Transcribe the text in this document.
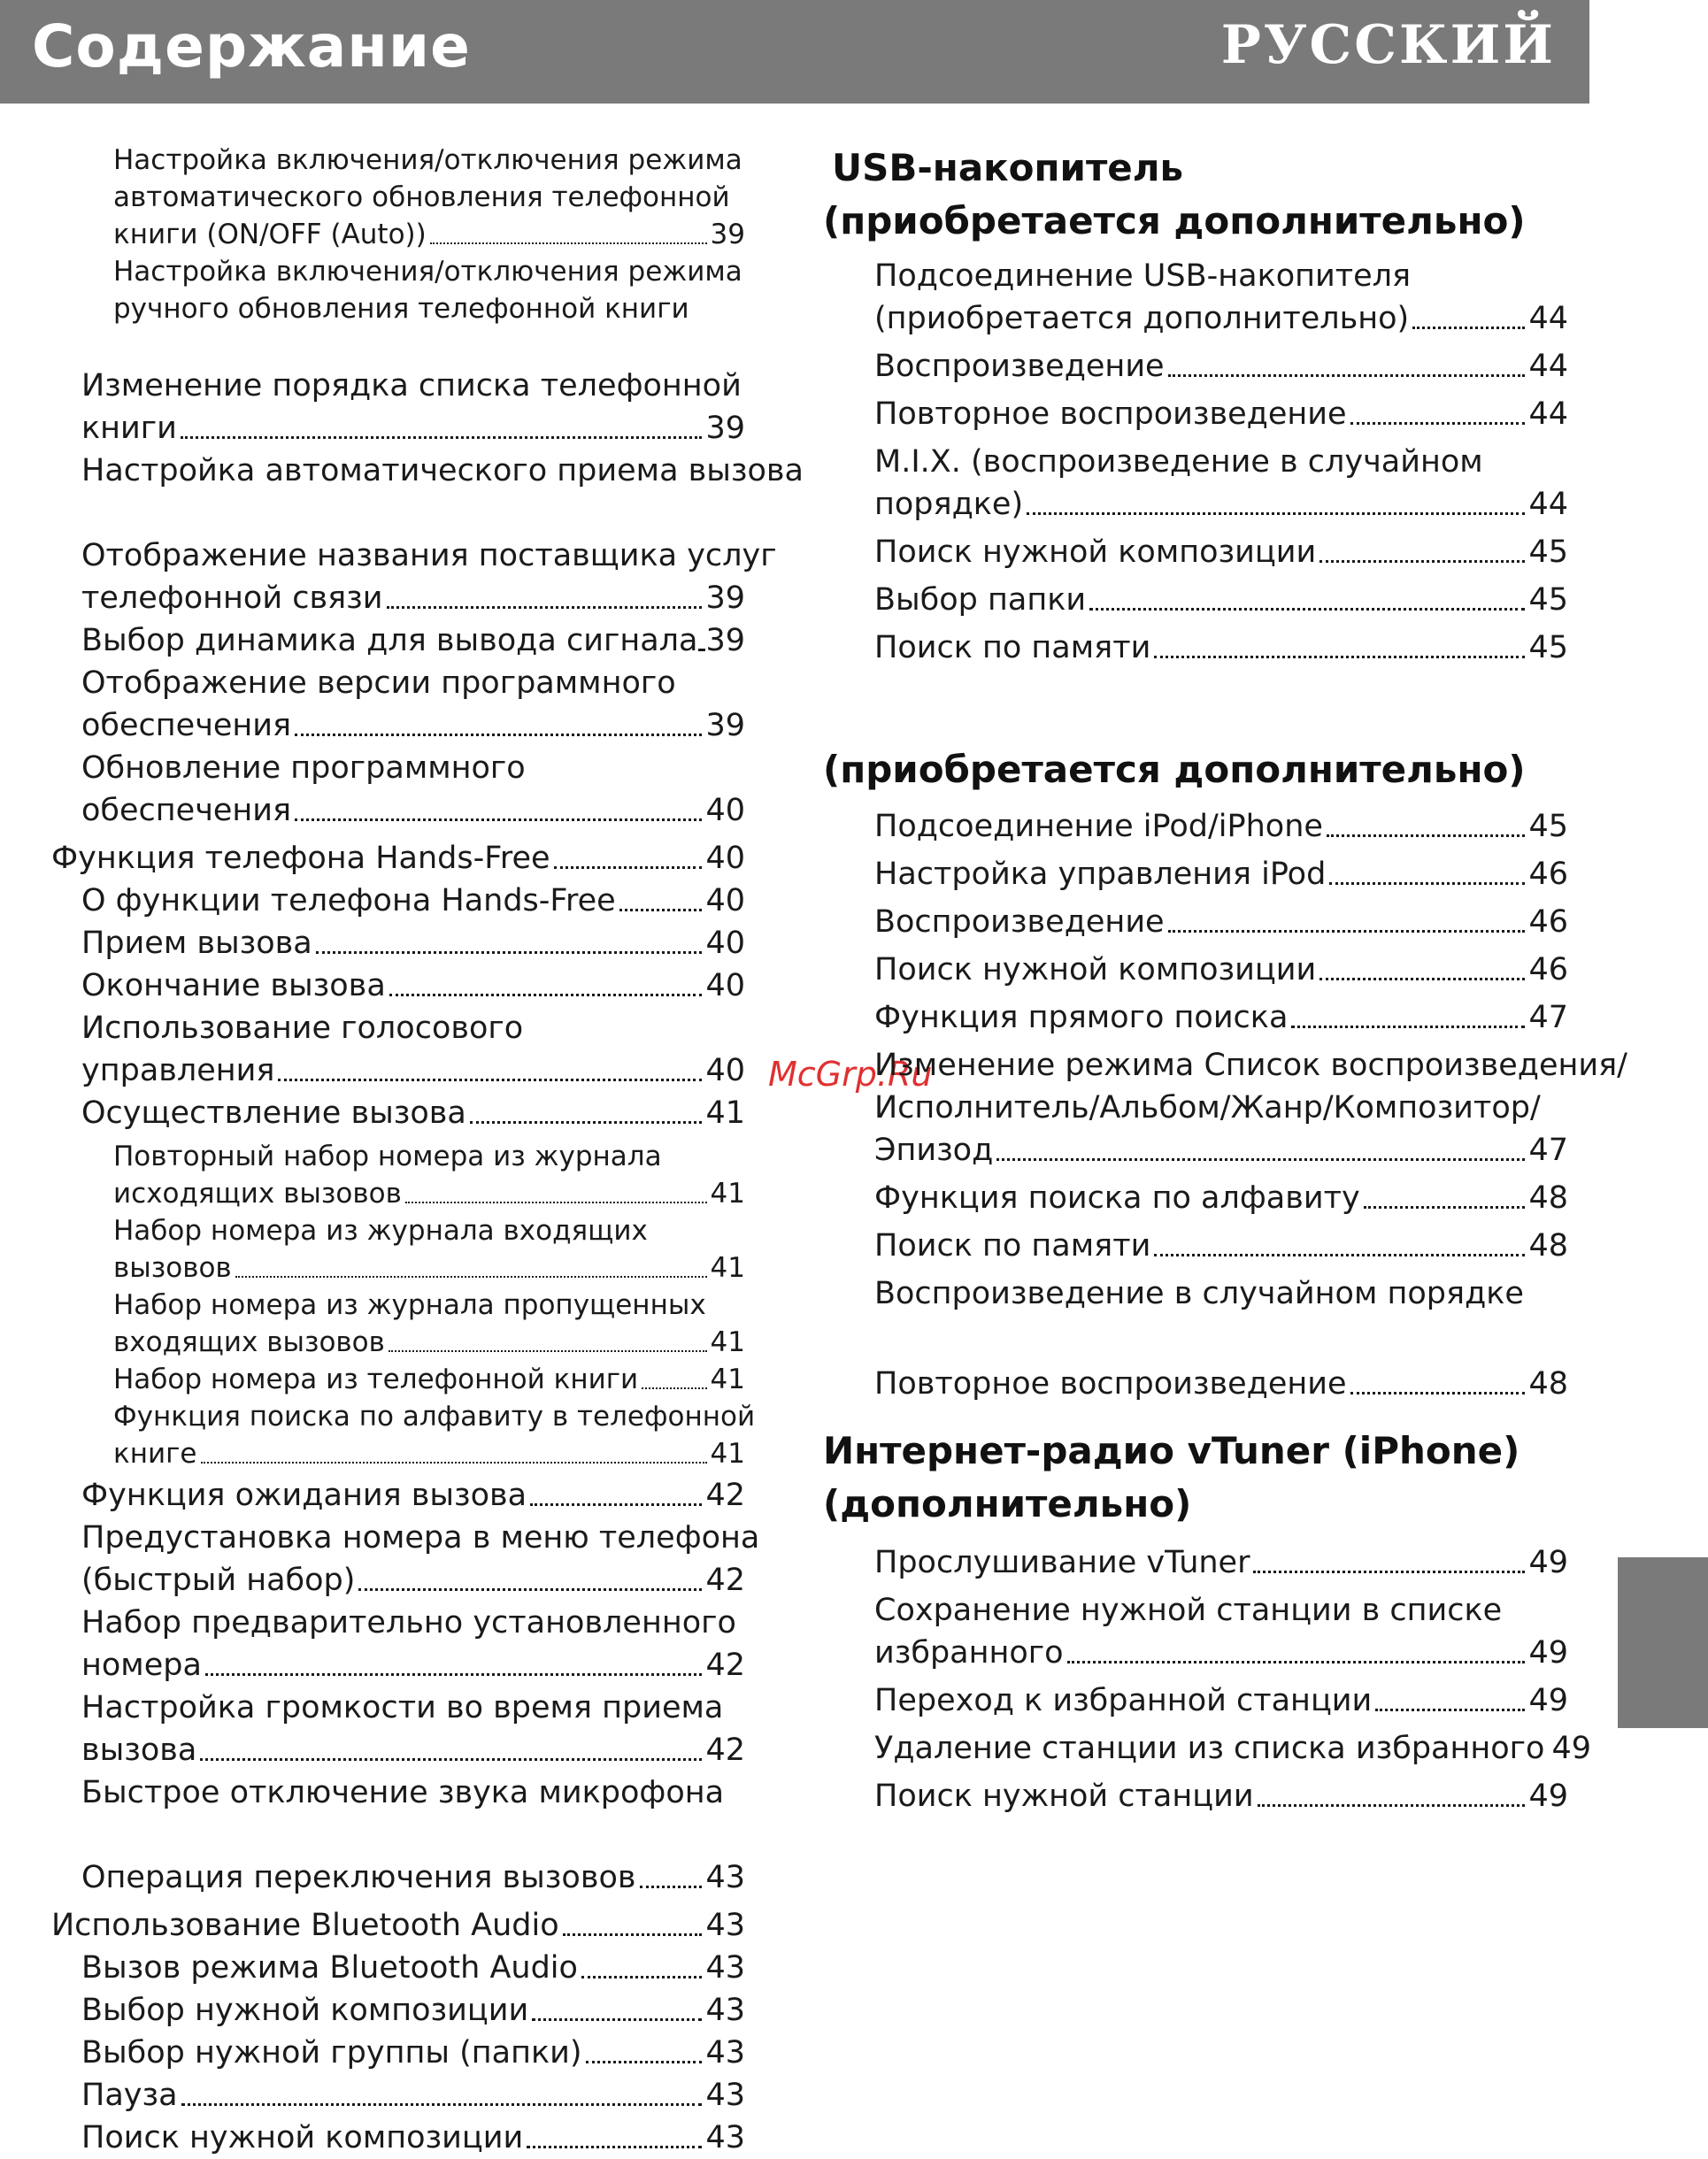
Содержание	РУССКИЙ
McGrp.Ru
Настройка включения/отключения режима
автоматического обновления телефонной
книги (ON/OFF (Auto))	39
Настройка включения/отключения режима
ручного обновления телефонной книги
Изменение порядка списка телефонной
книги	39
Настройка автоматического приема вызова
Отображение названия поставщика услуг
телефонной связи	39
Выбор динамика для вывода сигнала 39
Отображение версии программного
обеспечения	39
Обновление программного
обеспечения	40
Функция телефона Hands-Free	40
О функции телефона Hands-Free	40
Прием вызова	40
Окончание вызова	40
Использование голосового
управления	40
Осуществление вызова	41
Повторный набор номера из журнала
исходящих вызовов	41
Набор номера из журнала входящих
вызовов	41
Набор номера из журнала пропущенных
входящих вызовов	41
Набор номера из телефонной книги	41
Функция поиска по алфавиту в телефонной
книге	41
Функция ожидания вызова	42
Предустановка номера в меню телефона
(быстрый набор)	42
Набор предварительно установленного
номера	42
Настройка громкости во время приема
вызова	42
Быстрое отключение звука микрофона
Операция переключения вызовов 43
Использование Bluetooth Audio	43
Вызов режима Bluetooth Audio	43
Выбор нужной композиции	43
Выбор нужной группы (папки)	43
Пауза	43
Поиск нужной композиции	43
USB-накопитель
(приобретается дополнительно)
(приобретается дополнительно)
Интернет-радио vTuner (iPhone)
(дополнительно)
Подсоединение USB-накопителя
(приобретается дополнительно)	44
Воспроизведение	44
Повторное воспроизведение	44
M.I.X. (воспроизведение в случайном
порядке)	44
Поиск нужной композиции	45
Выбор папки	45
Поиск по памяти	45
Подсоединение iPod/iPhone	45
Настройка управления iPod	46
Воспроизведение	46
Поиск нужной композиции	46
Функция прямого поиска	47
Изменение режима Список воспроизведения/
Исполнитель/Альбом/Жанр/Композитор/
Эпизод	47
Функция поиска по алфавиту	48
Поиск по памяти	48
Воспроизведение в случайном порядке
Повторное воспроизведение	48
Прослушивание vTuner	49
Сохранение нужной станции в списке
избранного	49
Переход к избранной станции	49
Удаление станции из списка избранного 49
Поиск нужной станции	49
